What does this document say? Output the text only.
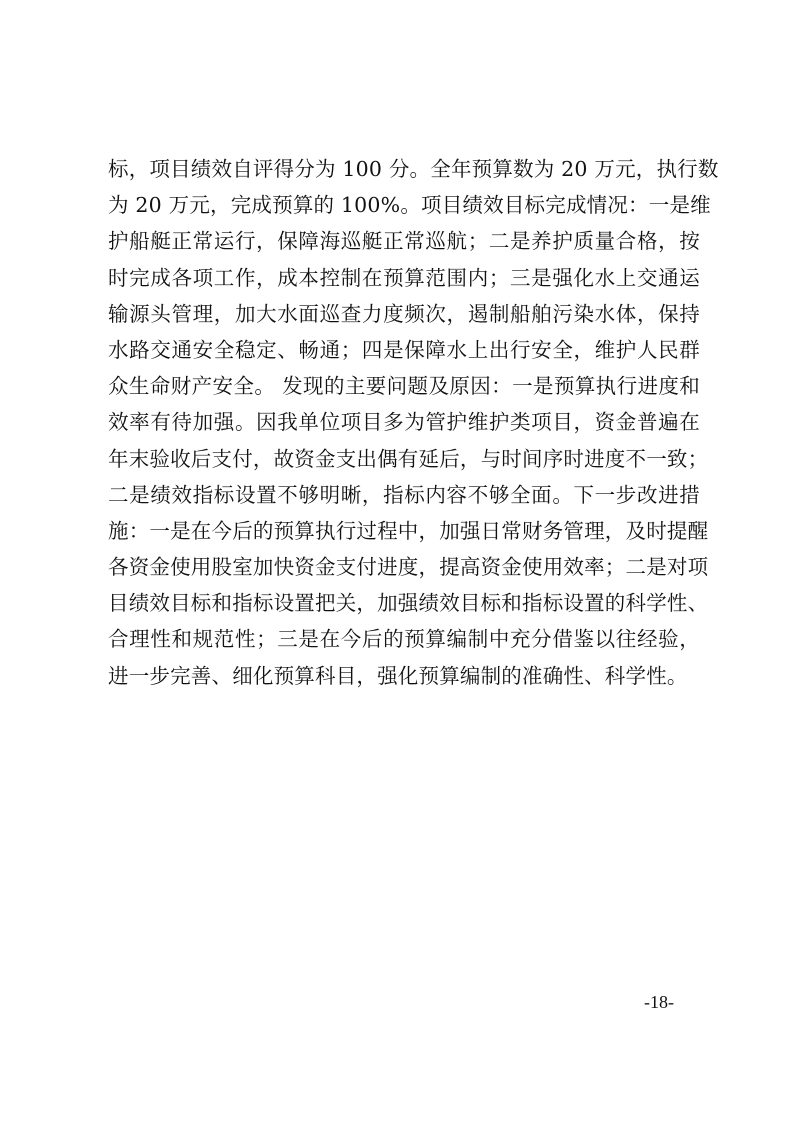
标，项目绩效自评得分为 100 分。全年预算数为 20 万元，执行数
为 20 万元，完成预算的 100%。项目绩效目标完成情况：一是维
护船艇正常运行，保障海巡艇正常巡航；二是养护质量合格，按
时完成各项工作，成本控制在预算范围内；三是强化水上交通运
输源头管理，加大水面巡查力度频次，遏制船舶污染水体，保持
水路交通安全稳定、畅通；四是保障水上出行安全，维护人民群
众生命财产安全。 发现的主要问题及原因：一是预算执行进度和
效率有待加强。因我单位项目多为管护维护类项目，资金普遍在
年末验收后支付，故资金支出偶有延后，与时间序时进度不一致；
二是绩效指标设置不够明晰，指标内容不够全面。下一步改进措
施：一是在今后的预算执行过程中，加强日常财务管理，及时提醒
各资金使用股室加快资金支付进度，提高资金使用效率；二是对项
目绩效目标和指标设置把关，加强绩效目标和指标设置的科学性、
合理性和规范性；三是在今后的预算编制中充分借鉴以往经验，
进一步完善、细化预算科目，强化预算编制的准确性、科学性。
-18-
